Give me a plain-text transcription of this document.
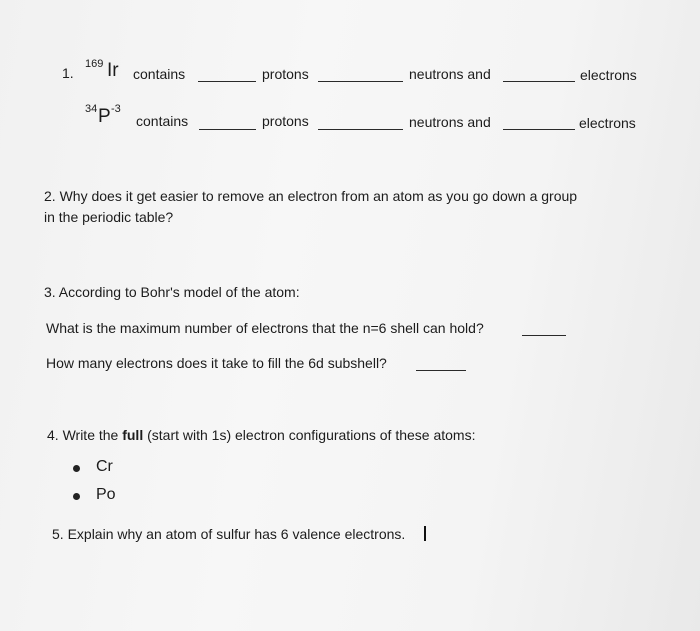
1.
169 Ir contains	protons	neutrons and	electrons
34 P -3
contains	protons	neutrons and	electrons
2. Why does it get easier to remove an electron from an atom as you go down a group
in the periodic table?
3. According to Bohr's model of the atom:
What is the maximum number of electrons that the n=6 shell can hold?
How many electrons does it take to fill the 6d subshell?
4. Write the full (start with 1s) electron configurations of these atoms:
Cr
Po
5. Explain why an atom of sulfur has 6 valence electrons.
